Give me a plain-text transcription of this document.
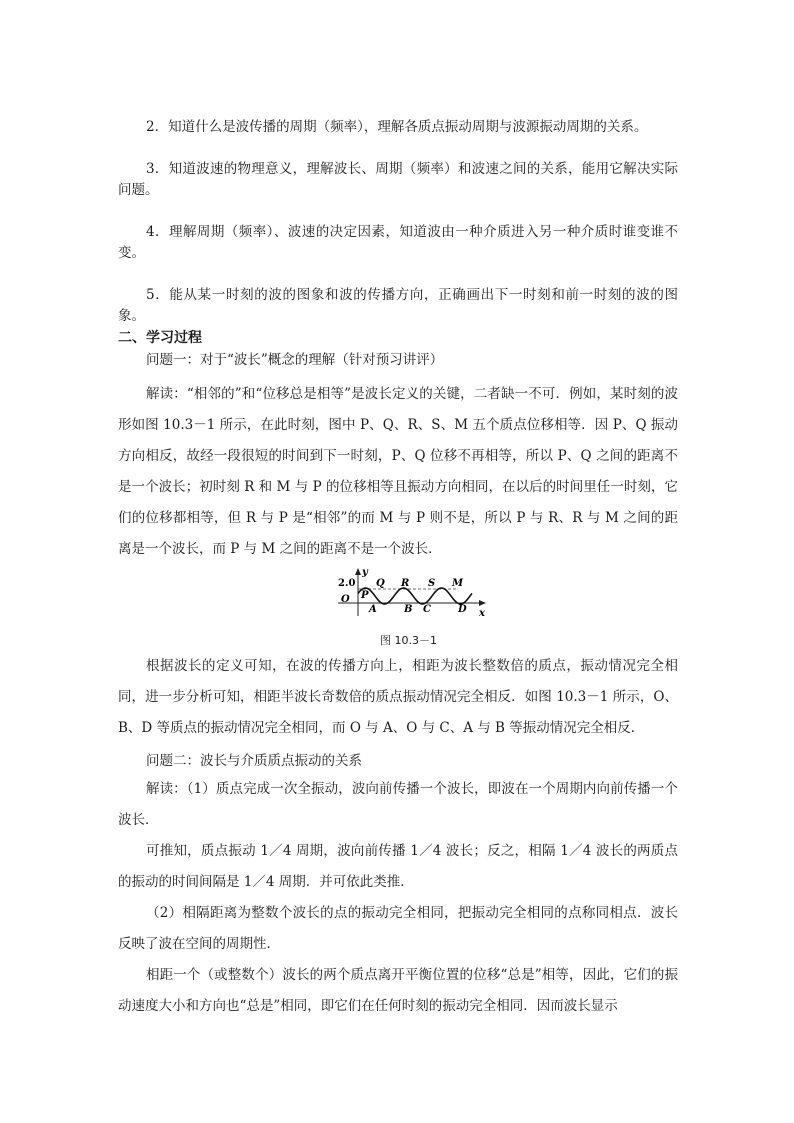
2．知道什么是波传播的周期（频率），理解各质点振动周期与波源振动周期的关系。

3．知道波速的物理意义，理解波长、周期（频率）和波速之间的关系，能用它解决实际问题。

4．理解周期（频率）、波速的决定因素，知道波由一种介质进入另一种介质时谁变谁不变。

5．能从某一时刻的波的图象和波的传播方向，正确画出下一时刻和前一时刻的波的图象。

二、学习过程

问题一：对于“波长”概念的理解（针对预习讲评）

解读：“相邻的”和“位移总是相等”是波长定义的关键，二者缺一不可．例如，某时刻的波形如图 10.3－1 所示，在此时刻，图中 P、Q、R、S、M 五个质点位移相等．因 P、Q 振动方向相反，故经一段很短的时间到下一时刻，P、Q 位移不再相等，所以 P、Q 之间的距离不是一个波长；初时刻 R 和 M 与 P 的位移相等且振动方向相同，在以后的时间里任一时刻，它们的位移都相等，但 R 与 P 是“相邻”的而 M 与 P 则不是，所以 P 与 R、R 与 M 之间的距离是一个波长，而 P 与 M 之间的距离不是一个波长．

y
x
2.0
O P
Q R S M
A	B C	D
图 10.3－1

根据波长的定义可知，在波的传播方向上，相距为波长整数倍的质点，振动情况完全相同，进一步分析可知，相距半波长奇数倍的质点振动情况完全相反．如图 10.3－1 所示，O、B、D 等质点的振动情况完全相同，而 O 与 A、O 与 C、A 与 B 等振动情况完全相反．

问题二：波长与介质质点振动的关系

解读：（1）质点完成一次全振动，波向前传播一个波长，即波在一个周期内向前传播一个波长．

可推知，质点振动 1／4 周期，波向前传播 1／4 波长；反之，相隔 1／4 波长的两质点的振动的时间间隔是 1／4 周期．并可依此类推．

（2）相隔距离为整数个波长的点的振动完全相同，把振动完全相同的点称同相点．波长反映了波在空间的周期性．

相距一个（或整数个）波长的两个质点离开平衡位置的位移“总是”相等，因此，它们的振动速度大小和方向也“总是”相同，即它们在任何时刻的振动完全相同．因而波长显示
